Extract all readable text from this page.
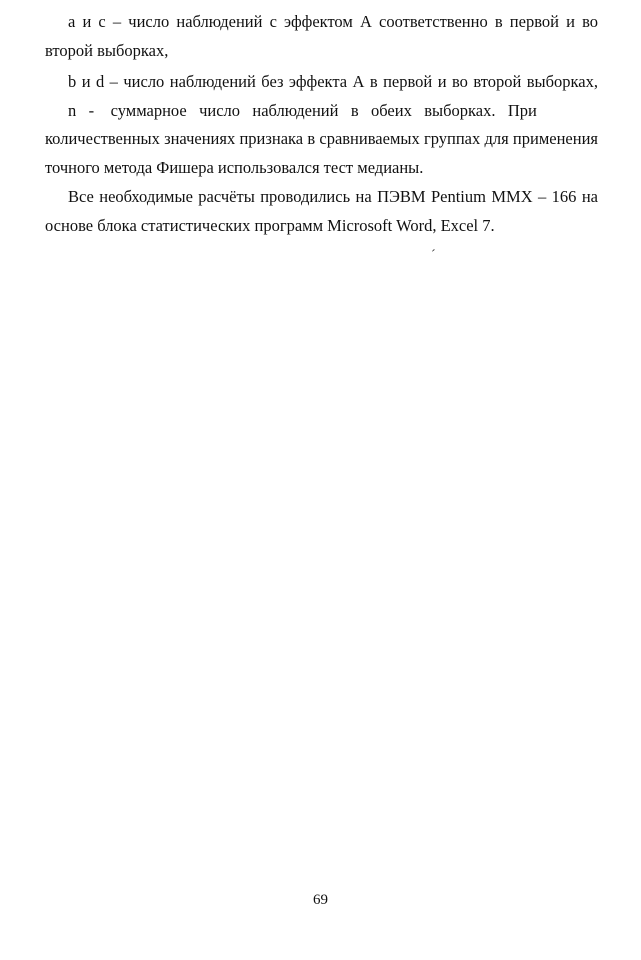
а и с – число наблюдений с эффектом А соответственно в первой и во
второй выборках,
b и d – число наблюдений без эффекта А в первой и во второй выборках,
n   -    суммарное   число   наблюдений   в   обеих   выборках.   При
количественных значениях признака в сравниваемых группах для применения
точного метода Фишера использовался тест медианы.
Все необходимые расчёты проводились на ПЭВМ Pentium MMX – 166 на
основе блока статистических программ Microsoft Word, Excel 7.
´
69
